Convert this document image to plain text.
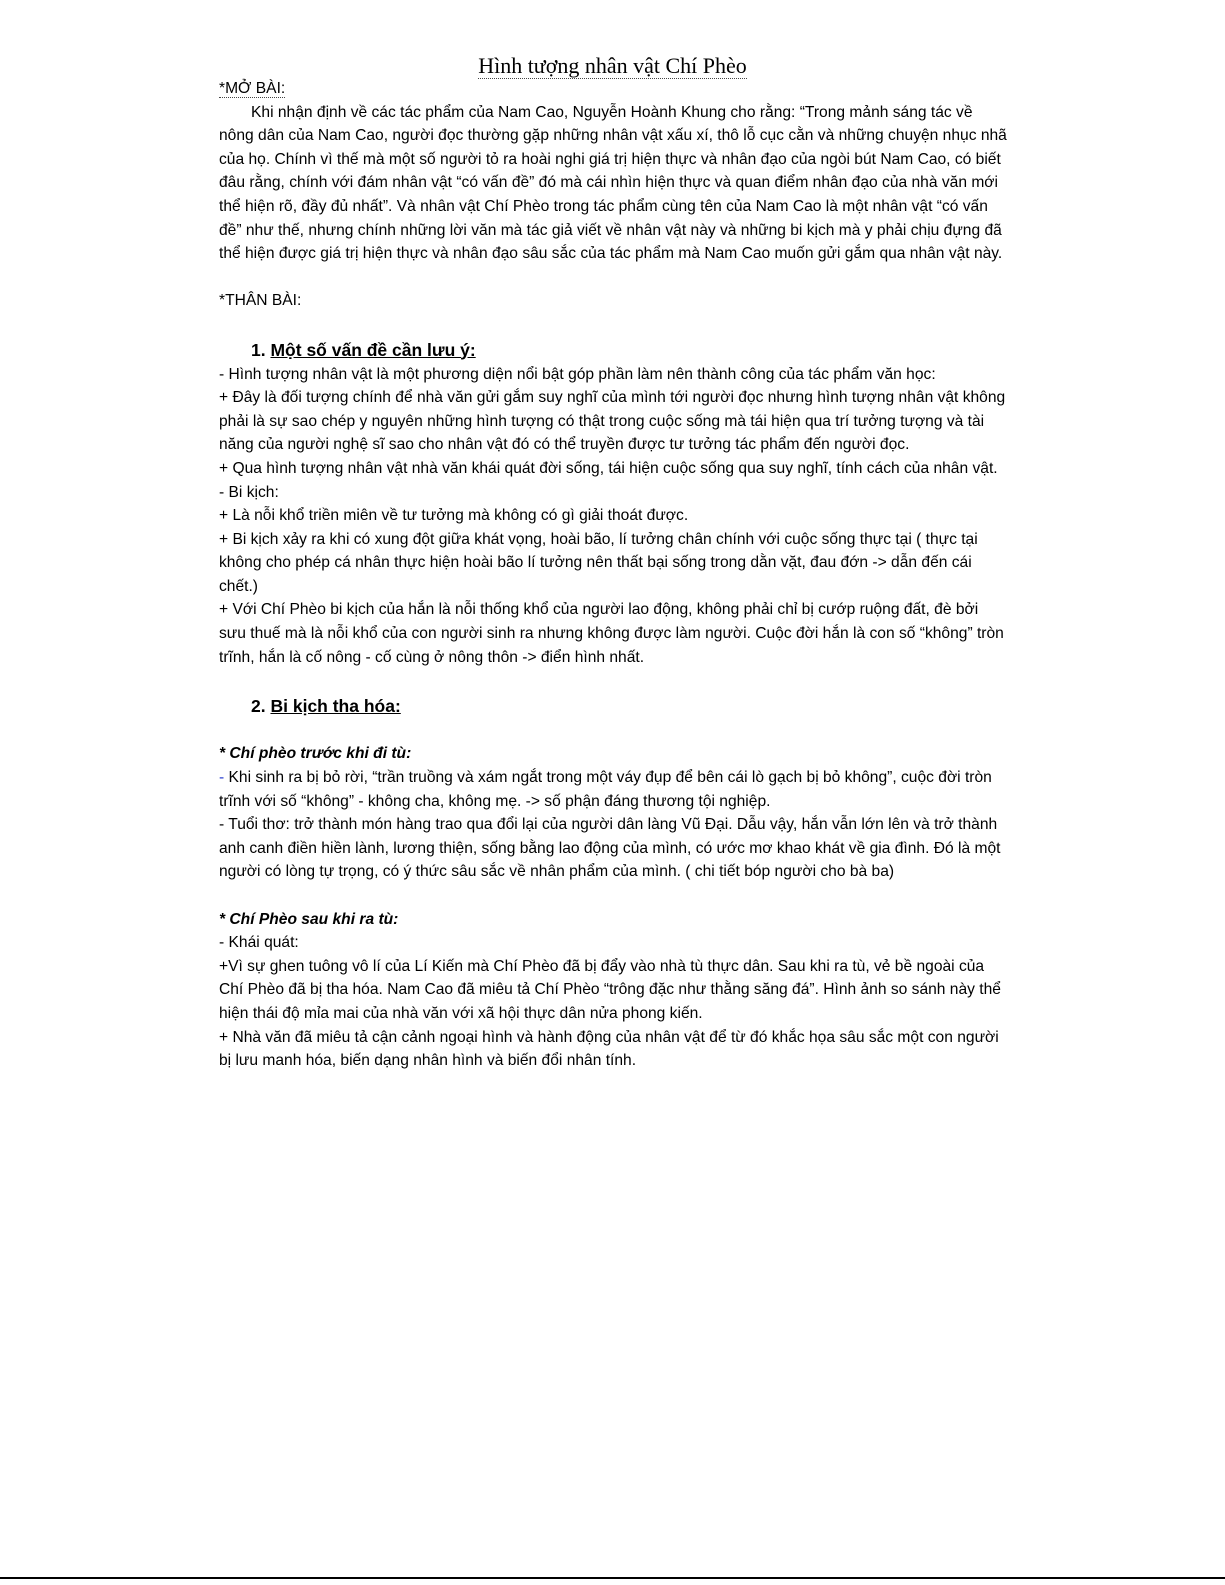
Hình tượng nhân vật Chí Phèo

*MỞ BÀI:

Khi nhận định về các tác phẩm của Nam Cao, Nguyễn Hoành Khung cho rằng: “Trong mảnh sáng tác về nông dân của Nam Cao, người đọc thường gặp những nhân vật xấu xí, thô lỗ cục cằn và những chuyện nhục nhã của họ. Chính vì thế mà một số người tỏ ra hoài nghi giá trị hiện thực và nhân đạo của ngòi bút Nam Cao, có biết đâu rằng, chính với đám nhân vật “có vấn đề” đó mà cái nhìn hiện thực và quan điểm nhân đạo của nhà văn mới thể hiện rõ, đầy đủ nhất”. Và nhân vật Chí Phèo trong tác phẩm cùng tên của Nam Cao là một nhân vật “có vấn đề” như thế, nhưng chính những lời văn mà tác giả viết về nhân vật này và những bi kịch mà y phải chịu đựng đã thể hiện được giá trị hiện thực và nhân đạo sâu sắc của tác phẩm mà Nam Cao muốn gửi gắm qua nhân vật này.

*THÂN BÀI:

1. Một số vấn đề cần lưu ý:

- Hình tượng nhân vật là một phương diện nổi bật góp phần làm nên thành công của tác phẩm văn học:

+ Đây là đối tượng chính để nhà văn gửi gắm suy nghĩ của mình tới người đọc nhưng hình tượng nhân vật không phải là sự sao chép y nguyên những hình tượng có thật trong cuộc sống mà tái hiện qua trí tưởng tượng và tài năng của người nghệ sĩ sao cho nhân vật đó có thể truyền được tư tưởng tác phẩm đến người đọc.

+ Qua hình tượng nhân vật nhà văn khái quát đời sống, tái hiện cuộc sống qua suy nghĩ, tính cách của nhân vật.

- Bi kịch:

+ Là nỗi khổ triền miên về tư tưởng mà không có gì giải thoát được.

+ Bi kịch xảy ra khi có xung đột giữa khát vọng, hoài bão, lí tưởng chân chính với cuộc sống thực tại ( thực tại không cho phép cá nhân thực hiện hoài bão lí tưởng nên thất bại sống trong dằn vặt, đau đớn -> dẫn đến cái chết.)

+ Với Chí Phèo bi kịch của hắn là nỗi thống khổ của người lao động, không phải chỉ bị cướp ruộng đất, đè bởi sưu thuế mà là nỗi khổ của con người sinh ra nhưng không được làm người. Cuộc đời hắn là con số “không” tròn trĩnh, hắn là cố nông - cố cùng ở nông thôn -> điển hình nhất.

2. Bi kịch tha hóa:

* Chí phèo trước khi đi tù:

- Khi sinh ra bị bỏ rời, “trần truồng và xám ngắt trong một váy đụp để bên cái lò gạch bị bỏ không”, cuộc đời tròn trĩnh với số “không” - không cha, không mẹ. -> số phận đáng thương tội nghiệp.

- Tuổi thơ: trở thành món hàng trao qua đổi lại của người dân làng Vũ Đại. Dẫu vậy, hắn vẫn lớn lên và trở thành anh canh điền hiền lành, lương thiện, sống bằng lao động của mình, có ước mơ khao khát về gia đình. Đó là một người có lòng tự trọng, có ý thức sâu sắc về nhân phẩm của mình. ( chi tiết bóp người cho bà ba)

* Chí Phèo sau khi ra tù:

- Khái quát:

+Vì sự ghen tuông vô lí của Lí Kiến mà Chí Phèo đã bị đẩy vào nhà tù thực dân. Sau khi ra tù, vẻ bề ngoài của Chí Phèo đã bị tha hóa. Nam Cao đã miêu tả Chí Phèo “trông đặc như thằng săng đá”. Hình ảnh so sánh này thể hiện thái độ mỉa mai của nhà văn với xã hội thực dân nửa phong kiến.

+ Nhà văn đã miêu tả cận cảnh ngoại hình và hành động của nhân vật để từ đó khắc họa sâu sắc một con người bị lưu manh hóa, biến dạng nhân hình và biến đổi nhân tính.
